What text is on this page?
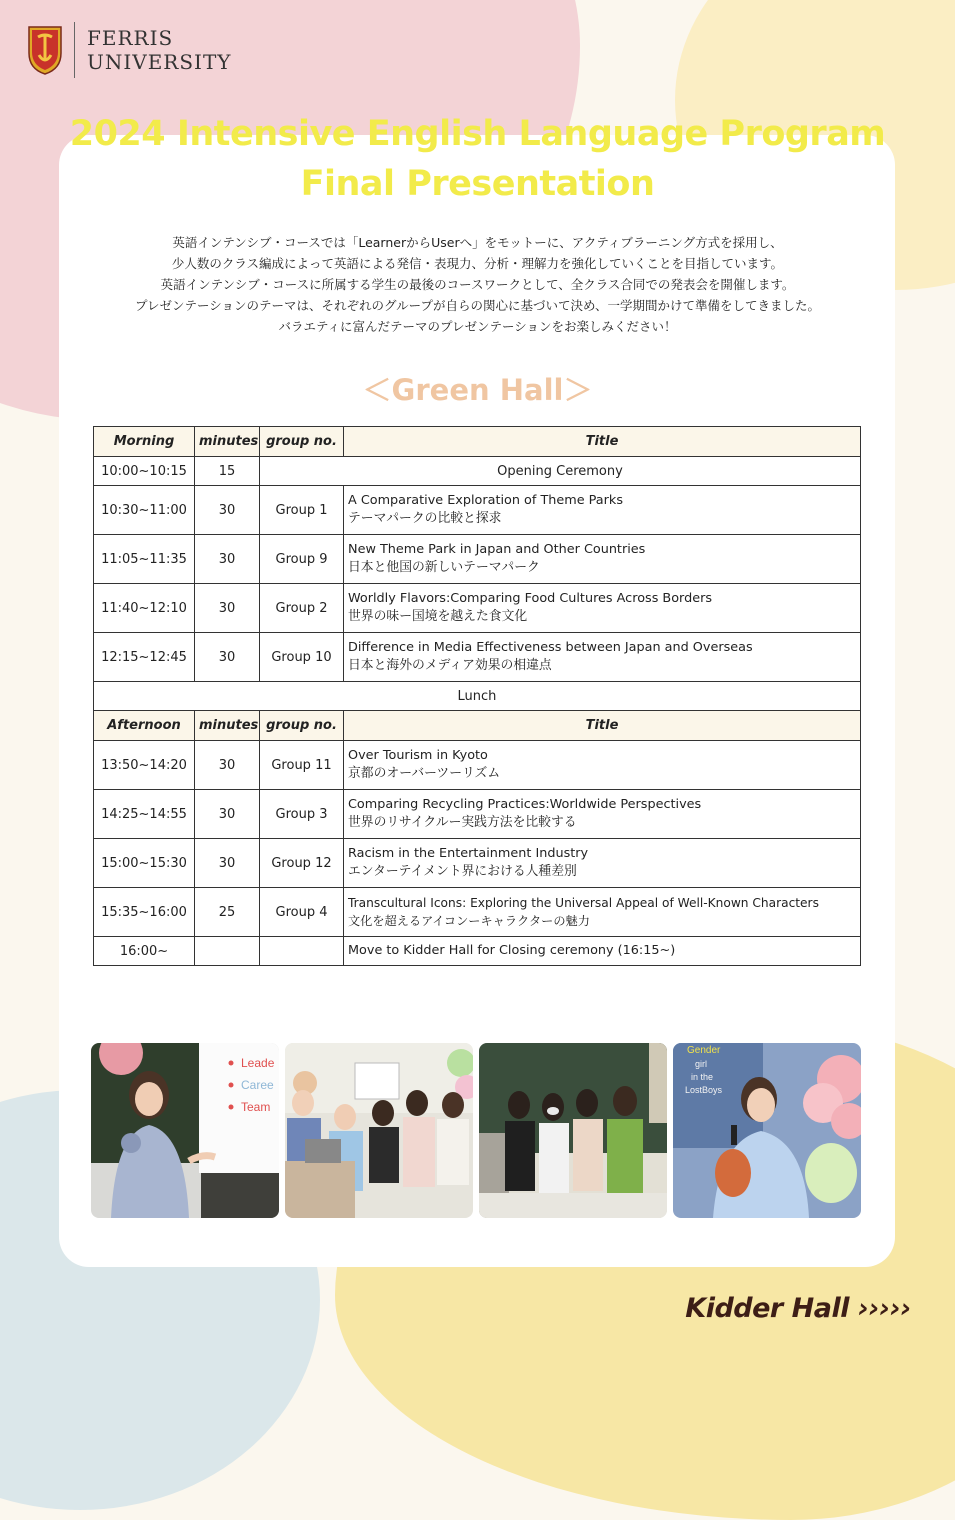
FERRIS
UNIVERSITY
2024 Intensive English Language Program
Final Presentation
英語インテンシブ・コースでは「LearnerからUserへ」をモットーに、アクティブラーニング方式を採用し、
少人数のクラス編成によって英語による発信・表現力、分析・理解力を強化していくことを目指しています。
英語インテンシブ・コースに所属する学生の最後のコースワークとして、全クラス合同での発表会を開催します。
プレゼンテーションのテーマは、それぞれのグループが自らの関心に基づいて決め、一学期間かけて準備をしてきました。
バラエティに富んだテーマのプレゼンテーションをお楽しみください！
＜Green Hall＞
Morning	minutes	group no.	Title
10:00~10:15	15	Opening Ceremony	
10:30~11:00	30	Group 1	A Comparative Exploration of Theme Parks
テーマパークの比較と探求

11:05~11:35	30	Group 9	New Theme Park in Japan and Other Countries
日本と他国の新しいテーマパーク

11:40~12:10	30	Group 2	Worldly Flavors:Comparing Food Cultures Across Borders
世界の味ー国境を越えた食文化

12:15~12:45	30	Group 10	Difference in Media Effectiveness between Japan and Overseas
日本と海外のメディア効果の相違点

Lunch			
Afternoon	minutes	group no.	Title
13:50~14:20	30	Group 11	Over Tourism in Kyoto
京都のオーバーツーリズム

14:25~14:55	30	Group 3	Comparing Recycling Practices:Worldwide Perspectives
世界のリサイクルー実践方法を比較する

15:00~15:30	30	Group 12	Racism in the Entertainment Industry
エンターテイメント界における人種差別

15:35~16:00	25	Group 4	Transcultural Icons: Exploring the Universal Appeal of Well-Known Characters
文化を超えるアイコンーキャラクターの魅力

16:00~			Move to Kidder Hall for Closing ceremony (16:15~)
Leade
Caree
Team
Gender
girl
in the
LostBoys
Kidder Hall ›››››
